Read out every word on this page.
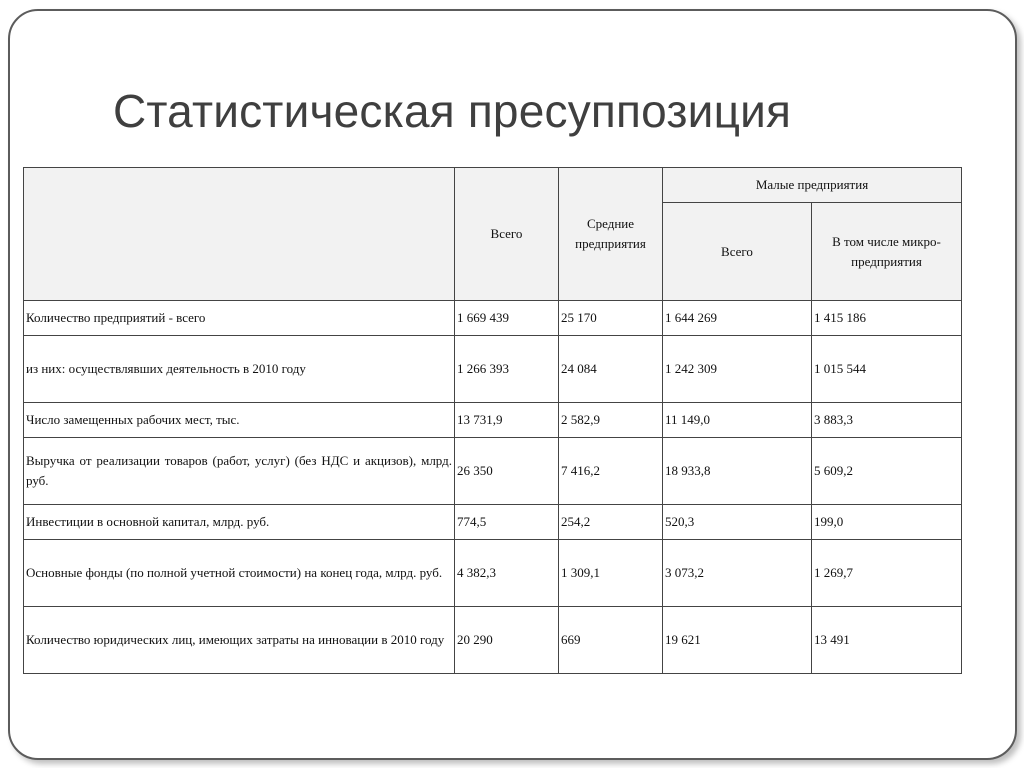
Статистическая пресуппозиция
	Всего	Средние предприятия	Малые предприятия	
			Всего	В том числе микро-предприятия
Количество предприятий - всего	1 669 439	25 170	1 644 269	1 415 186
из них: осуществлявших деятельность в 2010 году	1 266 393	24 084	1 242 309	1 015 544
Число замещенных рабочих мест, тыс.	13 731,9	2 582,9	11 149,0	3 883,3
Выручка от реализации товаров (работ, услуг) (без НДС и акцизов), млрд. руб.	26 350	7 416,2	18 933,8	5 609,2
Инвестиции в основной капитал, млрд. руб.	774,5	254,2	520,3	199,0
Основные фонды (по полной учетной стоимости) на конец года, млрд. руб.	4 382,3	1 309,1	3 073,2	1 269,7
Количество юридических лиц, имеющих затраты на инновации в 2010 году	20 290	669	19 621	13 491
